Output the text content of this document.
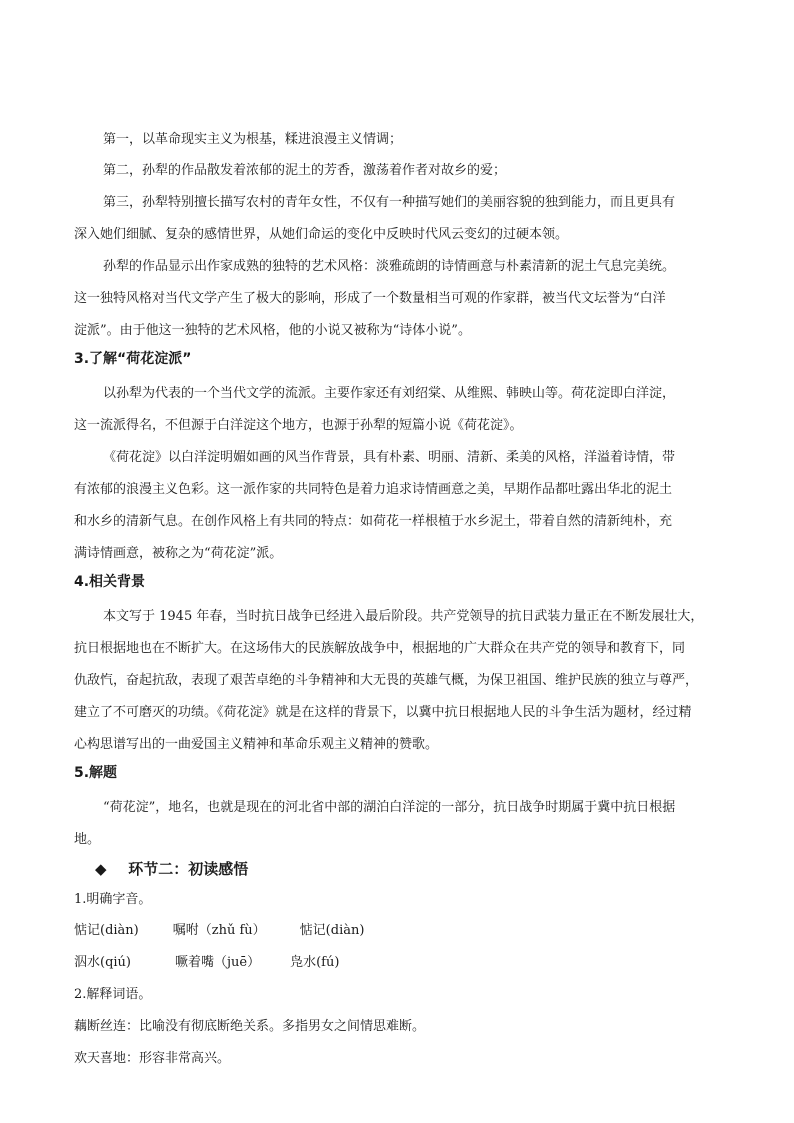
第一，以革命现实主义为根基，糅进浪漫主义情调；
第二，孙犁的作品散发着浓郁的泥土的芳香，激荡着作者对故乡的爱；
第三，孙犁特别擅长描写农村的青年女性，不仅有一种描写她们的美丽容貌的独到能力，而且更具有
深入她们细腻、复杂的感情世界，从她们命运的变化中反映时代风云变幻的过硬本领。
孙犁的作品显示出作家成熟的独特的艺术风格：淡雅疏朗的诗情画意与朴素清新的泥土气息完美统。
这一独特风格对当代文学产生了极大的影响，形成了一个数量相当可观的作家群，被当代文坛誉为“白洋
淀派”。由于他这一独特的艺术风格，他的小说又被称为“诗体小说”。
3.了解“荷花淀派”
以孙犁为代表的一个当代文学的流派。主要作家还有刘绍棠、从维熙、韩映山等。荷花淀即白洋淀，
这一流派得名，不但源于白洋淀这个地方，也源于孙犁的短篇小说《荷花淀》。
《荷花淀》以白洋淀明媚如画的风当作背景，具有朴素、明丽、清新、柔美的风格，洋溢着诗情，带
有浓郁的浪漫主义色彩。这一派作家的共同特色是着力追求诗情画意之美，早期作品都吐露出华北的泥土
和水乡的清新气息。在创作风格上有共同的特点：如荷花一样根植于水乡泥土，带着自然的清新纯朴，充
满诗情画意，被称之为“荷花淀”派。
4.相关背景
本文写于 1945 年春，当时抗日战争已经进入最后阶段。共产党领导的抗日武装力量正在不断发展壮大，
抗日根据地也在不断扩大。在这场伟大的民族解放战争中，根据地的广大群众在共产党的领导和教育下，同
仇敌忾，奋起抗敌，表现了艰苦卓绝的斗争精神和大无畏的英雄气概，为保卫祖国、维护民族的独立与尊严，
建立了不可磨灭的功绩。《荷花淀》就是在这样的背景下，以冀中抗日根据地人民的斗争生活为题材，经过精
心构思谱写出的一曲爱国主义精神和革命乐观主义精神的赞歌。
5.解题
“荷花淀”，地名，也就是现在的河北省中部的湖泊白洋淀的一部分，抗日战争时期属于冀中抗日根据
地。
◆ 环节二：初读感悟
1.明确字音。
惦记(diàn)	嘱咐（zhǔ fù）	惦记(diàn)
泅水(qiú)	噘着嘴（juē） 凫水(fú)
2.解释词语。
藕断丝连：比喻没有彻底断绝关系。多指男女之间情思难断。
欢天喜地：形容非常高兴。
